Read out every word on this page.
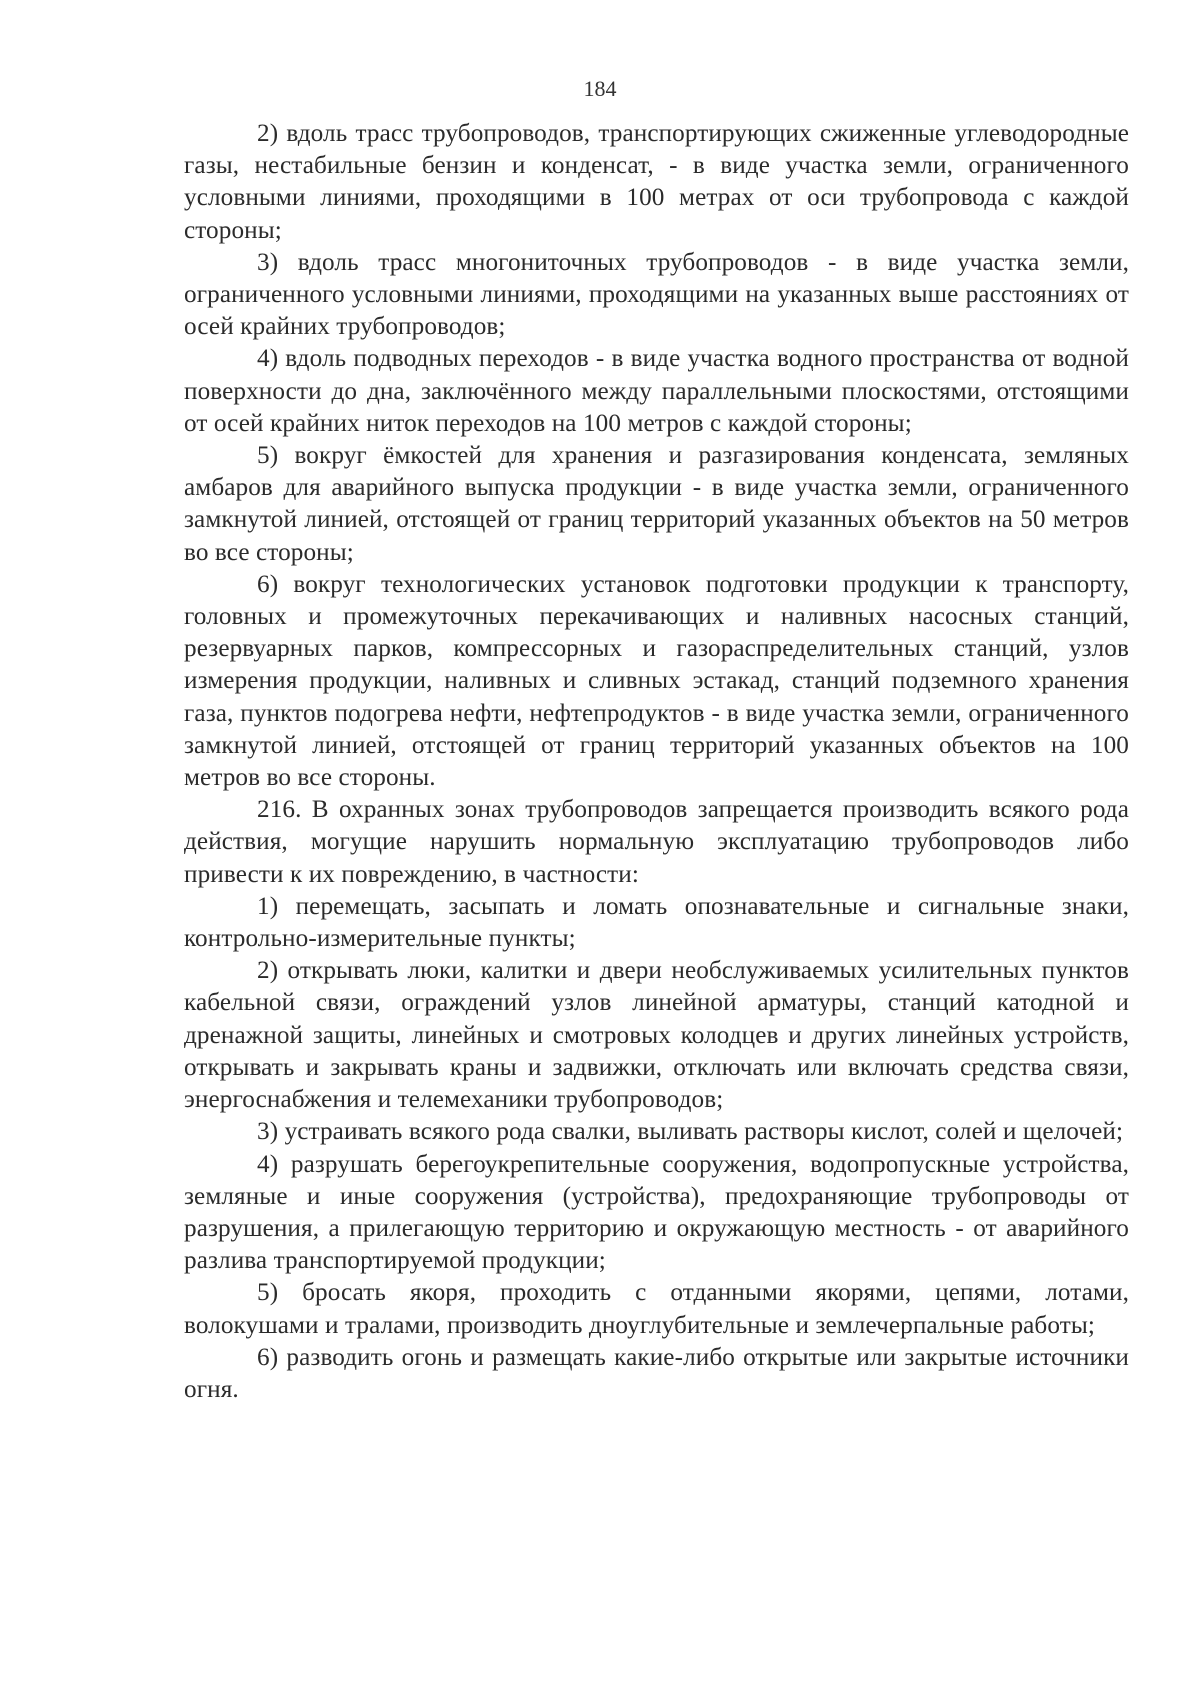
184

2) вдоль трасс трубопроводов, транспортирующих сжиженные углеводородные газы, нестабильные бензин и конденсат, - в виде участка земли, ограниченного условными линиями, проходящими в 100 метрах от оси трубопровода с каждой стороны;

3) вдоль трасс многониточных трубопроводов - в виде участка земли, ограниченного условными линиями, проходящими на указанных выше расстояниях от осей крайних трубопроводов;

4) вдоль подводных переходов - в виде участка водного пространства от водной поверхности до дна, заключённого между параллельными плоскостями, отстоящими от осей крайних ниток переходов на 100 метров с каждой стороны;

5) вокруг ёмкостей для хранения и разгазирования конденсата, земляных амбаров для аварийного выпуска продукции - в виде участка земли, ограниченного замкнутой линией, отстоящей от границ территорий указанных объектов на 50 метров во все стороны;

6) вокруг технологических установок подготовки продукции к транспорту, головных и промежуточных перекачивающих и наливных насосных станций, резервуарных парков, компрессорных и газораспределительных станций, узлов измерения продукции, наливных и сливных эстакад, станций подземного хранения газа, пунктов подогрева нефти, нефтепродуктов - в виде участка земли, ограниченного замкнутой линией, отстоящей от границ территорий указанных объектов на 100 метров во все стороны.

216. В охранных зонах трубопроводов запрещается производить всякого рода действия, могущие нарушить нормальную эксплуатацию трубопроводов либо привести к их повреждению, в частности:

1) перемещать, засыпать и ломать опознавательные и сигнальные знаки, контрольно-измерительные пункты;

2) открывать люки, калитки и двери необслуживаемых усилительных пунктов кабельной связи, ограждений узлов линейной арматуры, станций катодной и дренажной защиты, линейных и смотровых колодцев и других линейных устройств, открывать и закрывать краны и задвижки, отключать или включать средства связи, энергоснабжения и телемеханики трубопроводов;

3) устраивать всякого рода свалки, выливать растворы кислот, солей и щелочей;

4) разрушать берегоукрепительные сооружения, водопропускные устройства, земляные и иные сооружения (устройства), предохраняющие трубопроводы от разрушения, а прилегающую территорию и окружающую местность - от аварийного разлива транспортируемой продукции;

5) бросать якоря, проходить с отданными якорями, цепями, лотами, волокушами и тралами, производить дноуглубительные и землечерпальные работы;

6) разводить огонь и размещать какие-либо открытые или закрытые источники огня.
